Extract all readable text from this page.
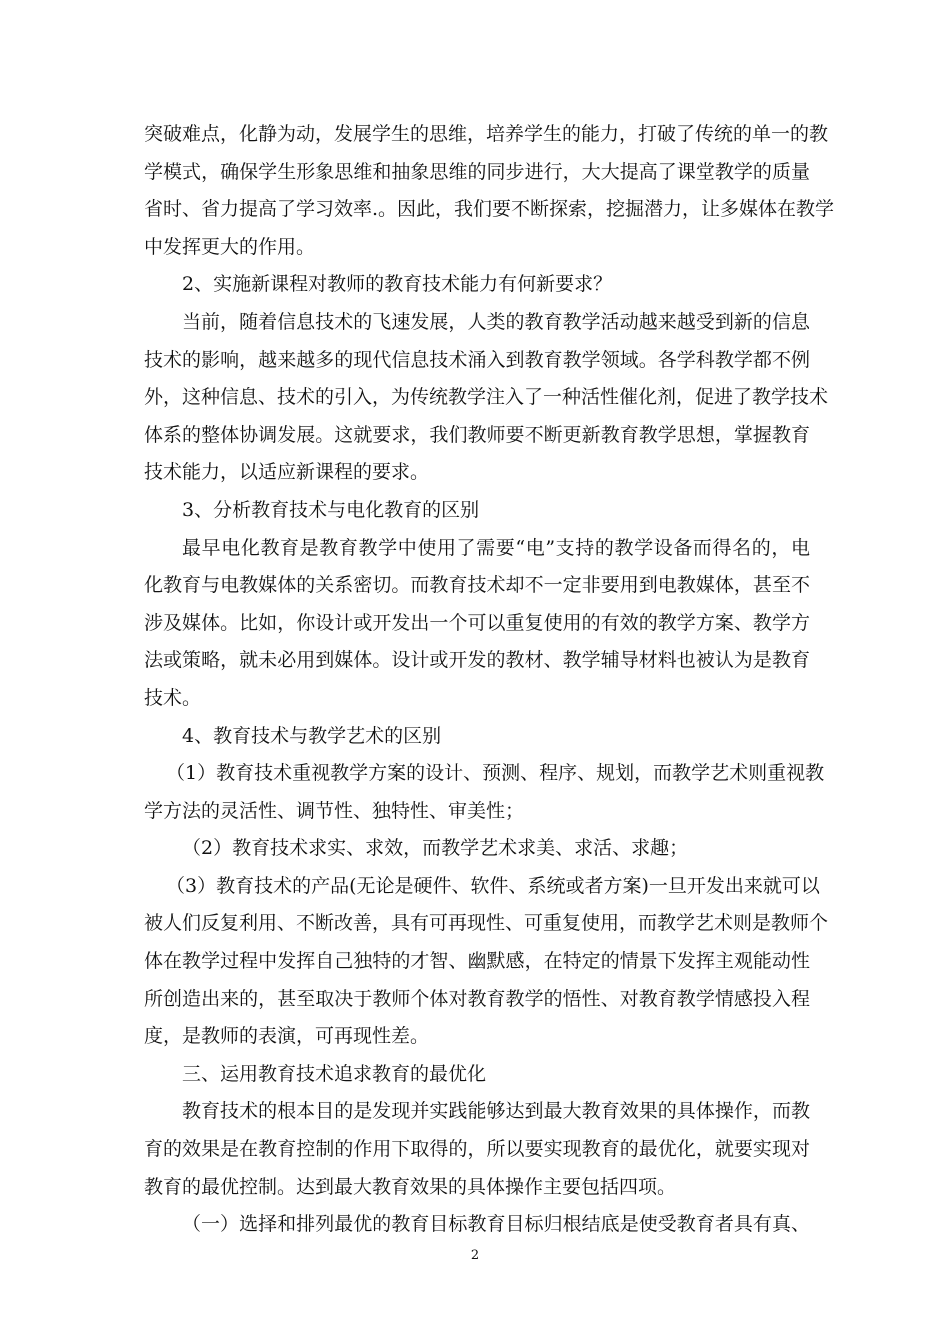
突破难点，化静为动，发展学生的思维，培养学生的能力，打破了传统的单一的教
学模式，确保学生形象思维和抽象思维的同步进行，大大提高了课堂教学的质量
省时、省力提高了学习效率.。因此，我们要不断探索，挖掘潜力，让多媒体在教学
中发挥更大的作用。
2、实施新课程对教师的教育技术能力有何新要求？
当前，随着信息技术的飞速发展，人类的教育教学活动越来越受到新的信息
技术的影响，越来越多的现代信息技术涌入到教育教学领域。各学科教学都不例
外，这种信息、技术的引入，为传统教学注入了一种活性催化剂，促进了教学技术
体系的整体协调发展。这就要求，我们教师要不断更新教育教学思想，掌握教育
技术能力，以适应新课程的要求。
3、分析教育技术与电化教育的区别
最早电化教育是教育教学中使用了需要“电”支持的教学设备而得名的，电
化教育与电教媒体的关系密切。而教育技术却不一定非要用到电教媒体，甚至不
涉及媒体。比如，你设计或开发出一个可以重复使用的有效的教学方案、教学方
法或策略，就未必用到媒体。设计或开发的教材、教学辅导材料也被认为是教育
技术。
4、教育技术与教学艺术的区别
（1）教育技术重视教学方案的设计、预测、程序、规划，而教学艺术则重视教
学方法的灵活性、调节性、独特性、审美性；
（2）教育技术求实、求效，而教学艺术求美、求活、求趣；
（3）教育技术的产品(无论是硬件、软件、系统或者方案)一旦开发出来就可以
被人们反复利用、不断改善，具有可再现性、可重复使用，而教学艺术则是教师个
体在教学过程中发挥自己独特的才智、幽默感，在特定的情景下发挥主观能动性
所创造出来的，甚至取决于教师个体对教育教学的悟性、对教育教学情感投入程
度，是教师的表演，可再现性差。
三、运用教育技术追求教育的最优化
教育技术的根本目的是发现并实践能够达到最大教育效果的具体操作，而教
育的效果是在教育控制的作用下取得的，所以要实现教育的最优化，就要实现对
教育的最优控制。达到最大教育效果的具体操作主要包括四项。
（一）选择和排列最优的教育目标教育目标归根结底是使受教育者具有真、
2
